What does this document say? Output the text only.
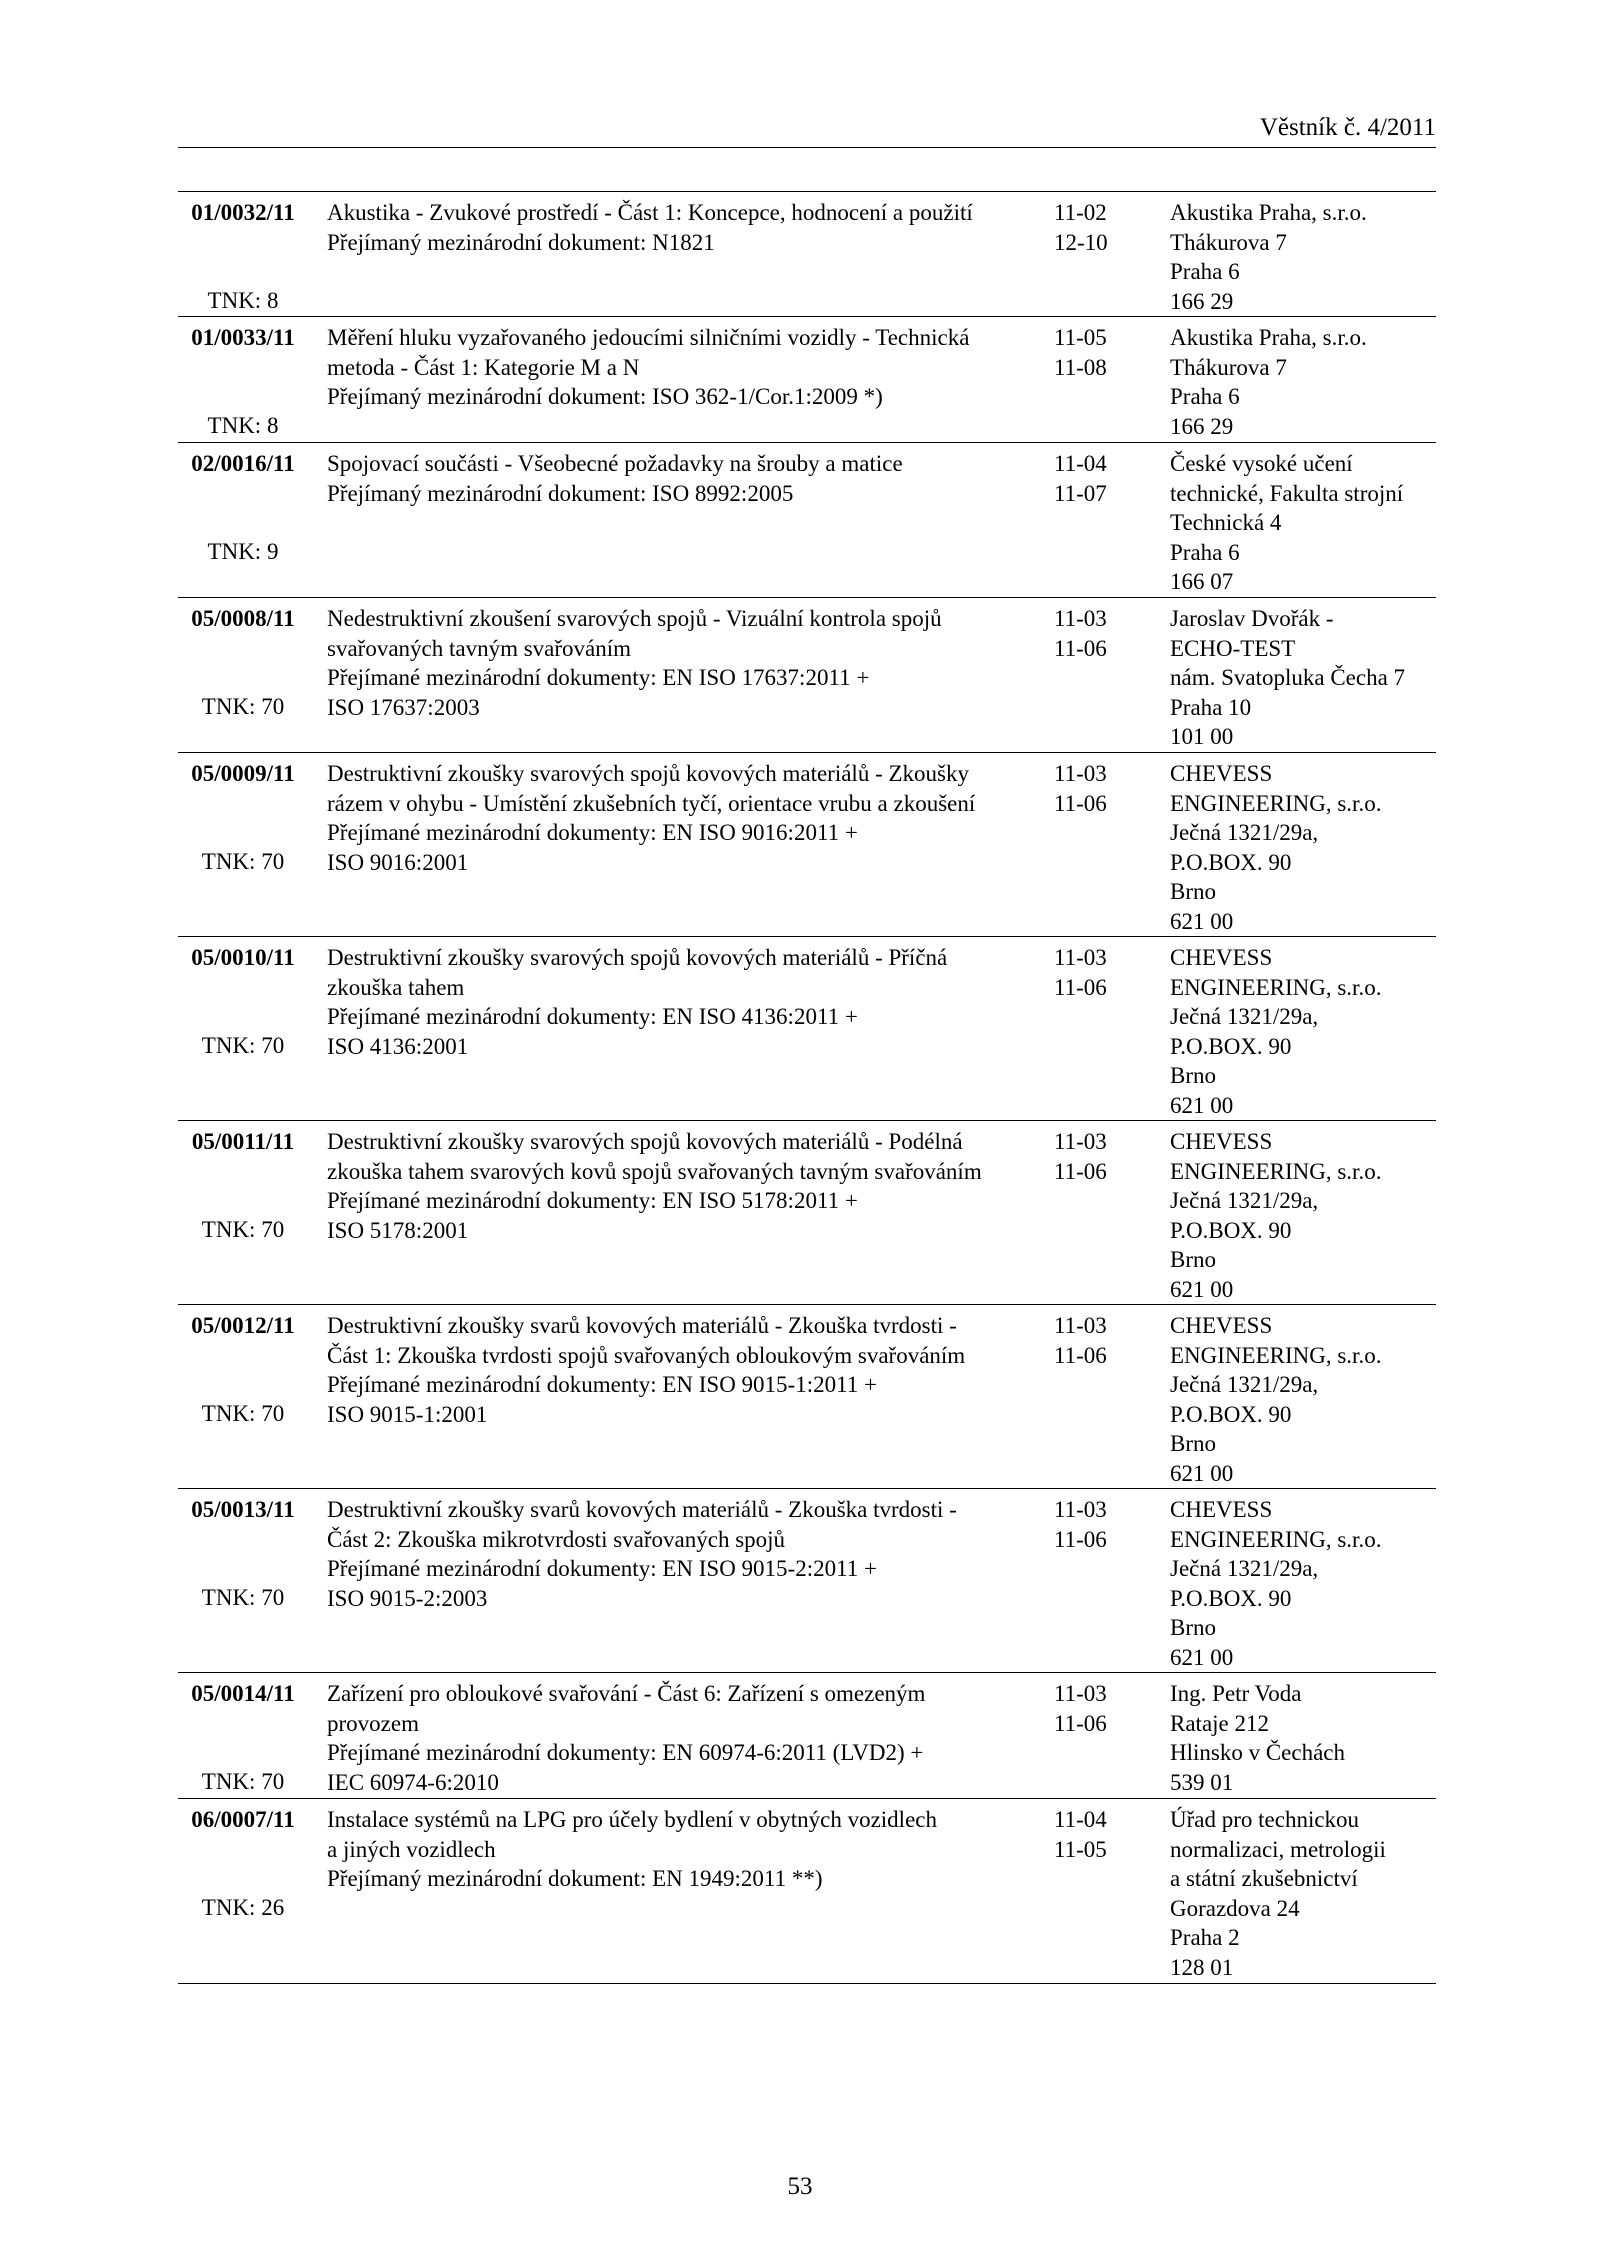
Věstník č. 4/2011
01/0032/11
TNK: 8
Akustika - Zvukové prostředí - Část 1: Koncepce, hodnocení a použití
Přejímaný mezinárodní dokument: N1821
11-02
12-10
Akustika Praha, s.r.o.
Thákurova 7
Praha 6
166 29
01/0033/11
TNK: 8
Měření hluku vyzařovaného jedoucími silničními vozidly - Technická
metoda - Část 1: Kategorie M a N
Přejímaný mezinárodní dokument: ISO 362-1/Cor.1:2009 *)
11-05
11-08
Akustika Praha, s.r.o.
Thákurova 7
Praha 6
166 29
02/0016/11
TNK: 9
Spojovací součásti - Všeobecné požadavky na šrouby a matice
Přejímaný mezinárodní dokument: ISO 8992:2005
11-04
11-07
České vysoké učení
technické, Fakulta strojní
Technická 4
Praha 6
166 07
05/0008/11
TNK: 70
Nedestruktivní zkoušení svarových spojů - Vizuální kontrola spojů
svařovaných tavným svařováním
Přejímané mezinárodní dokumenty: EN ISO 17637:2011 +
ISO 17637:2003
11-03
11-06
Jaroslav Dvořák -
ECHO-TEST
nám. Svatopluka Čecha 7
Praha 10
101 00
05/0009/11
TNK: 70
Destruktivní zkoušky svarových spojů kovových materiálů - Zkoušky
rázem v ohybu - Umístění zkušebních tyčí, orientace vrubu a zkoušení
Přejímané mezinárodní dokumenty: EN ISO 9016:2011 +
ISO 9016:2001
11-03
11-06
CHEVESS
ENGINEERING, s.r.o.
Ječná 1321/29a,
P.O.BOX. 90
Brno
621 00
05/0010/11
TNK: 70
Destruktivní zkoušky svarových spojů kovových materiálů - Příčná
zkouška tahem
Přejímané mezinárodní dokumenty: EN ISO 4136:2011 +
ISO 4136:2001
11-03
11-06
CHEVESS
ENGINEERING, s.r.o.
Ječná 1321/29a,
P.O.BOX. 90
Brno
621 00
05/0011/11
TNK: 70
Destruktivní zkoušky svarových spojů kovových materiálů - Podélná
zkouška tahem svarových kovů spojů svařovaných tavným svařováním
Přejímané mezinárodní dokumenty: EN ISO 5178:2011 +
ISO 5178:2001
11-03
11-06
CHEVESS
ENGINEERING, s.r.o.
Ječná 1321/29a,
P.O.BOX. 90
Brno
621 00
05/0012/11
TNK: 70
Destruktivní zkoušky svarů kovových materiálů - Zkouška tvrdosti -
Část 1: Zkouška tvrdosti spojů svařovaných obloukovým svařováním
Přejímané mezinárodní dokumenty: EN ISO 9015-1:2011 +
ISO 9015-1:2001
11-03
11-06
CHEVESS
ENGINEERING, s.r.o.
Ječná 1321/29a,
P.O.BOX. 90
Brno
621 00
05/0013/11
TNK: 70
Destruktivní zkoušky svarů kovových materiálů - Zkouška tvrdosti -
Část 2: Zkouška mikrotvrdosti svařovaných spojů
Přejímané mezinárodní dokumenty: EN ISO 9015-2:2011 +
ISO 9015-2:2003
11-03
11-06
CHEVESS
ENGINEERING, s.r.o.
Ječná 1321/29a,
P.O.BOX. 90
Brno
621 00
05/0014/11
TNK: 70
Zařízení pro obloukové svařování - Část 6: Zařízení s omezeným
provozem
Přejímané mezinárodní dokumenty: EN 60974-6:2011 (LVD2) +
IEC 60974-6:2010
11-03
11-06
Ing. Petr Voda
Rataje 212
Hlinsko v Čechách
539 01
06/0007/11
TNK: 26
Instalace systémů na LPG pro účely bydlení v obytných vozidlech
a jiných vozidlech
Přejímaný mezinárodní dokument: EN 1949:2011 **)
11-04
11-05
Úřad pro technickou
normalizaci, metrologii
a státní zkušebnictví
Gorazdova 24
Praha 2
128 01
53
